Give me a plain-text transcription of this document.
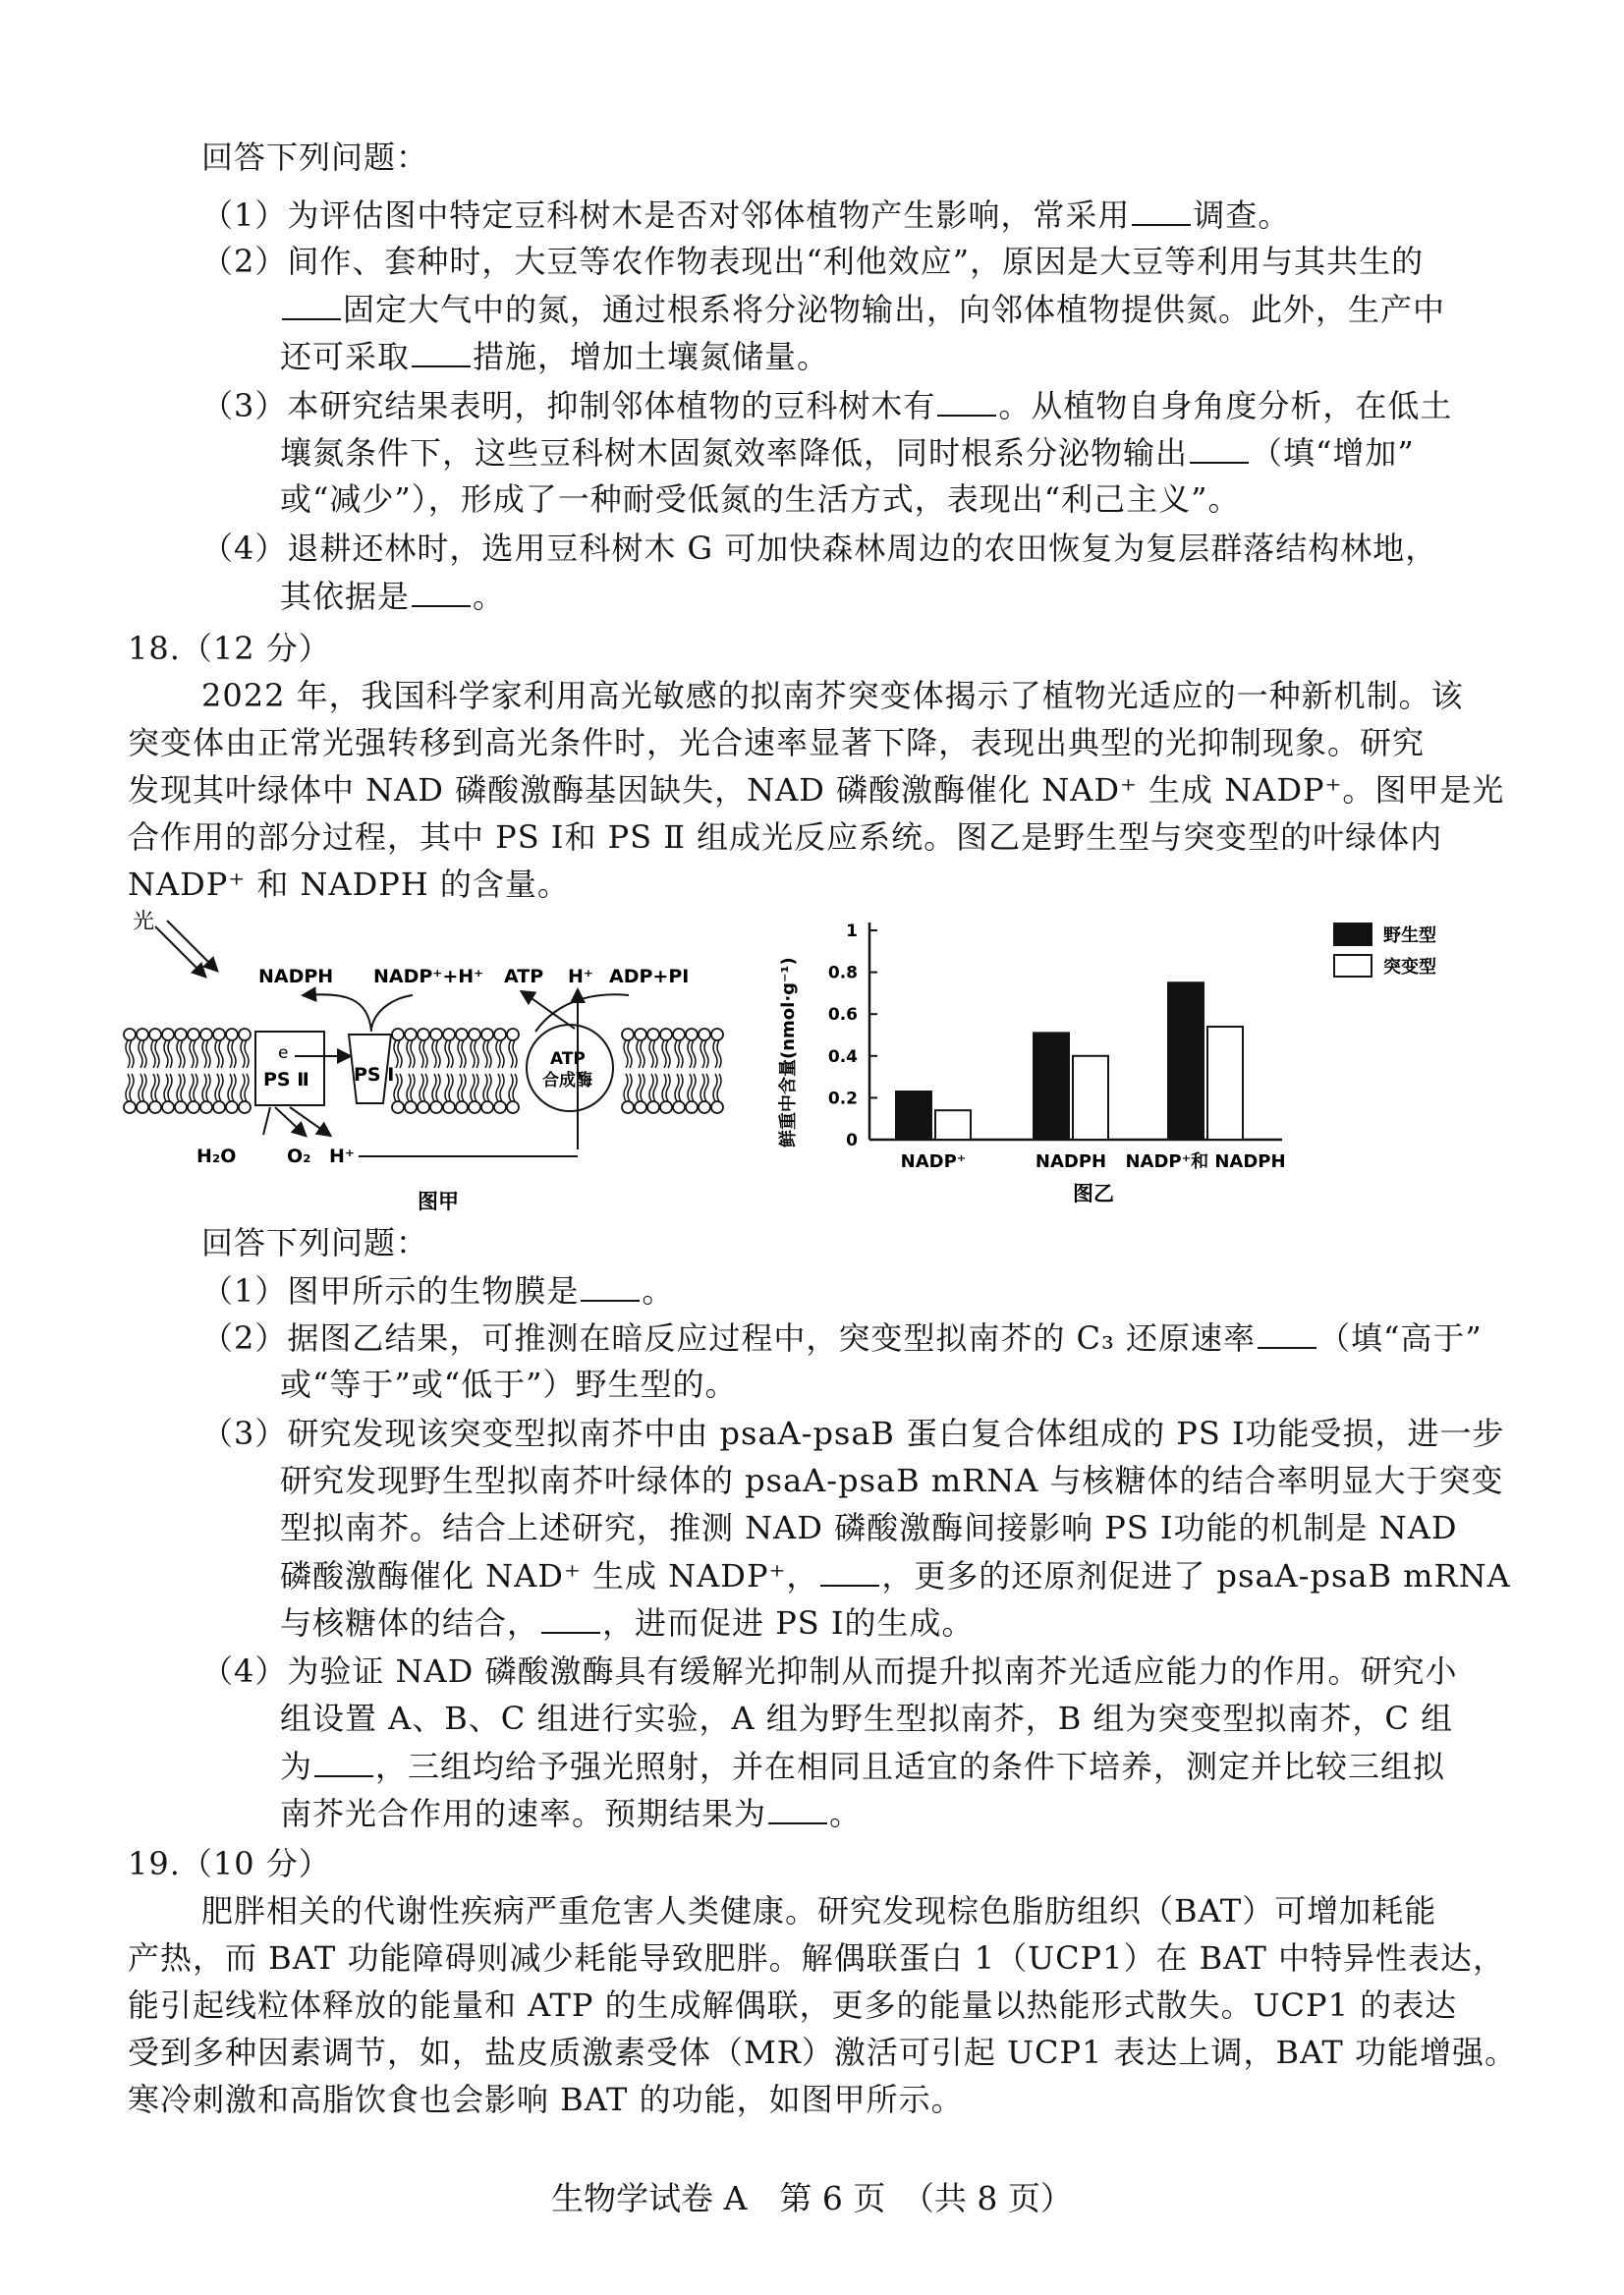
回答下列问题：
（1）为评估图中特定豆科树木是否对邻体植物产生影响，常采用 调查。
（2）间作、套种时，大豆等农作物表现出“利他效应”，原因是大豆等利用与其共生的
固定大气中的氮，通过根系将分泌物输出，向邻体植物提供氮。此外，生产中
还可采取 措施，增加土壤氮储量。
（3）本研究结果表明，抑制邻体植物的豆科树木有 。从植物自身角度分析，在低土
壤氮条件下，这些豆科树木固氮效率降低，同时根系分泌物输出 （填“增加”
或“减少”），形成了一种耐受低氮的生活方式，表现出“利己主义”。
（4）退耕还林时，选用豆科树木 G 可加快森林周边的农田恢复为复层群落结构林地，
其依据是 。
18.（12 分）
2022 年，我国科学家利用高光敏感的拟南芥突变体揭示了植物光适应的一种新机制。该
突变体由正常光强转移到高光条件时，光合速率显著下降，表现出典型的光抑制现象。研究
发现其叶绿体中 NAD 磷酸激酶基因缺失，NAD 磷酸激酶催化 NAD⁺ 生成 NADP⁺。图甲是光
合作用的部分过程，其中 PS Ⅰ和 PS Ⅱ 组成光反应系统。图乙是野生型与突变型的叶绿体内
NADP⁺ 和 NADPH 的含量。
光
NADPH NADP⁺+H⁺ ATP H⁺ ADP+PI
e
PS Ⅱ PS Ⅰ
ATP
合成酶
H₂O	O₂ H⁺
图甲
0
0.2
0.4
0.6
0.8
1
NADP⁺	NADPH NADP⁺和 NADPH
野生型
突变型
鲜重中含量(nmol·g⁻¹)
图乙
回答下列问题：
（1）图甲所示的生物膜是 。
（2）据图乙结果，可推测在暗反应过程中，突变型拟南芥的 C₃ 还原速率 （填“高于”
或“等于”或“低于”）野生型的。
（3）研究发现该突变型拟南芥中由 psaA-psaB 蛋白复合体组成的 PS Ⅰ功能受损，进一步
研究发现野生型拟南芥叶绿体的 psaA-psaB mRNA 与核糖体的结合率明显大于突变
型拟南芥。结合上述研究，推测 NAD 磷酸激酶间接影响 PS Ⅰ功能的机制是 NAD
磷酸激酶催化 NAD⁺ 生成 NADP⁺， ，更多的还原剂促进了 psaA-psaB mRNA
与核糖体的结合， ，进而促进 PS Ⅰ的生成。
（4）为验证 NAD 磷酸激酶具有缓解光抑制从而提升拟南芥光适应能力的作用。研究小
组设置 A、B、C 组进行实验，A 组为野生型拟南芥，B 组为突变型拟南芥，C 组
为 ，三组均给予强光照射，并在相同且适宜的条件下培养，测定并比较三组拟
南芥光合作用的速率。预期结果为 。
19.（10 分）
肥胖相关的代谢性疾病严重危害人类健康。研究发现棕色脂肪组织（BAT）可增加耗能
产热，而 BAT 功能障碍则减少耗能导致肥胖。解偶联蛋白 1（UCP1）在 BAT 中特异性表达，
能引起线粒体释放的能量和 ATP 的生成解偶联，更多的能量以热能形式散失。UCP1 的表达
受到多种因素调节，如，盐皮质激素受体（MR）激活可引起 UCP1 表达上调，BAT 功能增强。
寒冷刺激和高脂饮食也会影响 BAT 的功能，如图甲所示。
生物学试卷 A　第 6 页　（共 8 页）
